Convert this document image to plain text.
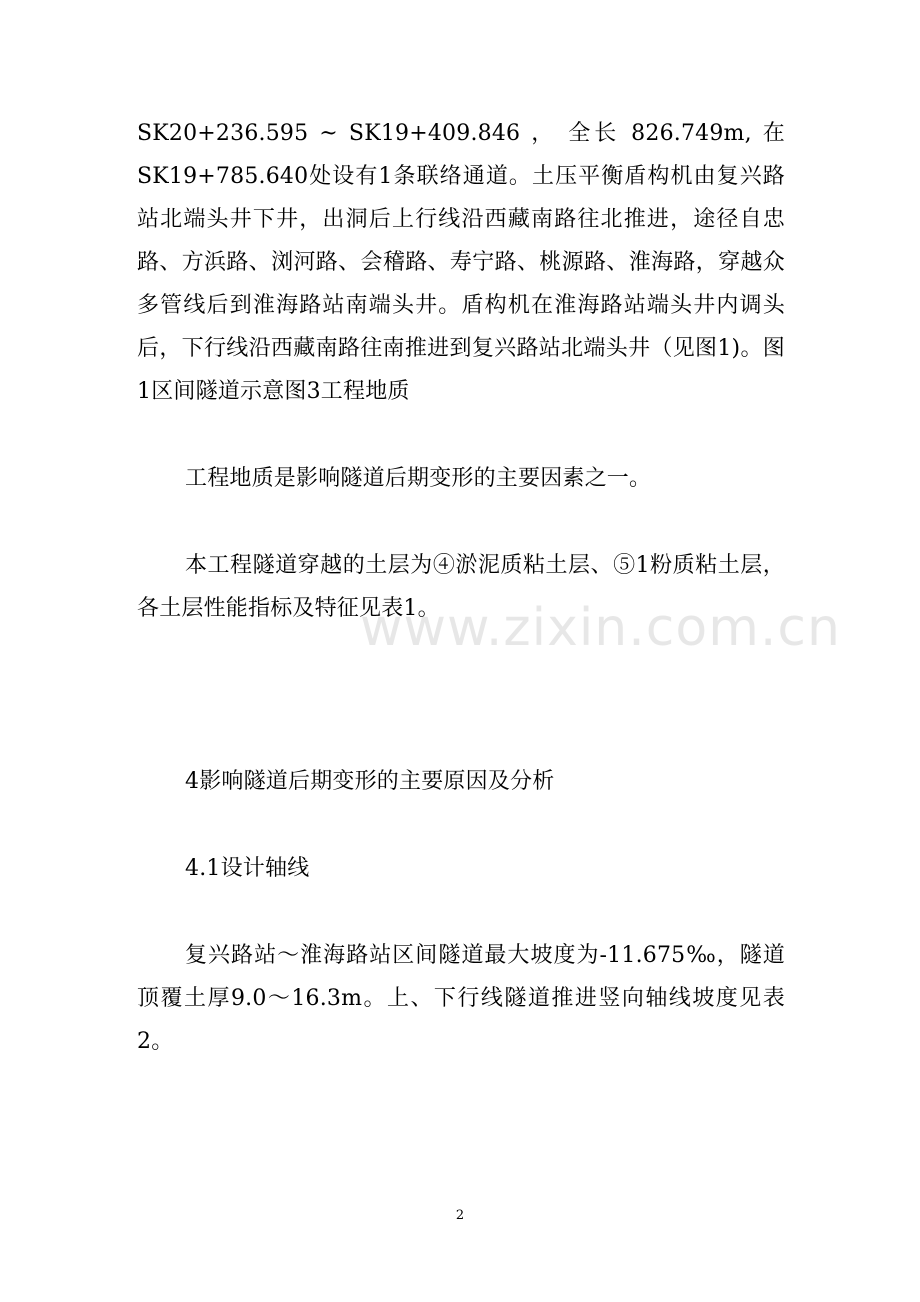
SK20+236.595 ~ SK19+409.846 ， 全长 826.749m, 在 SK19+785.640处设有1条联络通道。土压平衡盾构机由复兴路站北端头井下井，出洞后上行线沿西藏南路往北推进，途径自忠路、方浜路、浏河路、会稽路、寿宁路、桃源路、淮海路，穿越众多管线后到淮海路站南端头井。盾构机在淮海路站端头井内调头后，下行线沿西藏南路往南推进到复兴路站北端头井（见图1)。图1区间隧道示意图3工程地质

工程地质是影响隧道后期变形的主要因素之一。

本工程隧道穿越的土层为④淤泥质粘土层、⑤1粉质粘土层，各土层性能指标及特征见表1。

4影响隧道后期变形的主要原因及分析

4.1设计轴线

复兴路站～淮海路站区间隧道最大坡度为-11.675‰，隧道顶覆土厚9.0～16.3m。上、下行线隧道推进竖向轴线坡度见表2。

www.zixin.com.cn
2
